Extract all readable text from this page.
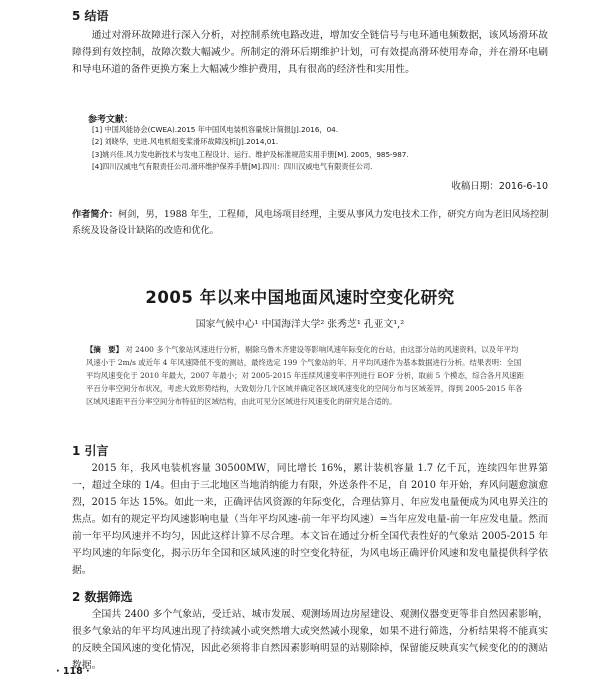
5 结语

通过对滑环故障进行深入分析，对控制系统电路改进，增加安全链信号与电环通电频数据，该风场滑环故障得到有效控制，故障次数大幅减少。所制定的滑环后期维护计划，可有效提高滑环使用寿命，并在滑环电刷和导电环道的备件更换方案上大幅减少维护费用，具有很高的经济性和实用性。

参考文献：
[1] 中国风能协会(CWEA).2015 年中国风电装机容量统计简报[J].2016，04.
[2] 刘晓华，史进.风电机组变桨滑环故障浅析[J].2014,01.
[3]姚兴佳.风力发电新技术与发电工程设计、运行、维护及标准规范实用手册[M]. 2005，985-987.
[4]四川汉威电气有限责任公司.滑环维护保养手册[M].四川：四川汉威电气有限责任公司.

收稿日期：2016-6-10

作者简介：柯剑，男，1988 年生，工程师，风电场项目经理，主要从事风力发电技术工作，研究方向为老旧风场控制系统及设备设计缺陷的改造和优化。

2005 年以来中国地面风速时空变化研究

国家气候中心¹ 中国海洋大学² 张秀芝¹ 孔亚文¹,²

【摘　要】 对 2400 多个气象站风速进行分析，剔除乌鲁木齐建设等影响风速年际变化的台站，由这部分站的风速资料，以及年平均风速小于 2m/s 或近年 4 年风速降低不变的测站，最终选定 199 个气象站的年、月平均风速作为基本数据进行分析。结果表明：全国平均风速变化于 2010 年最大，2007 年最小；对 2005-2015 年连续风速变率序列进行 EOF 分析，取前 5 个模态，综合各月风速距平百分率空间分布状况，考虑大致形势结构，大致划分几个区域并确定各区域风速变化的空间分布与区域差异，得到 2005-2015 年各区域风速距平百分率空间分布特征的区域结构，由此可见分区域进行风速变化的研究是合适的。

1 引言

2015 年，我风电装机容量 30500MW，同比增长 16%，累计装机容量 1.7 亿千瓦，连续四年世界第一，超过全球的 1/4。但由于三北地区当地消纳能力有限，外送条件不足，自 2010 年开始，弃风问题愈演愈烈，2015 年达 15%。如此一来，正确评估风资源的年际变化，合理估算月、年应发电量便成为风电界关注的焦点。如有的规定平均风速影响电量（当年平均风速-前一年平均风速）=当年应发电量-前一年应发电量。然而前一年平均风速并不均匀，因此这样计算不尽合理。本文旨在通过分析全国代表性好的气象站 2005-2015 年平均风速的年际变化，揭示历年全国和区域风速的时空变化特征，为风电场正确评价风速和发电量提供科学依据。

2 数据筛选

全国共 2400 多个气象站，受迁站、城市发展、观测场周边房屋建设、观测仪器变更等非自然因素影响，很多气象站的年平均风速出现了持续减小或突然增大或突然减小现象，如果不进行筛选，分析结果将不能真实的反映全国风速的变化情况，因此必须将非自然因素影响明显的站剔除掉，保留能反映真实气候变化的的测站数据。

· 118 ·
